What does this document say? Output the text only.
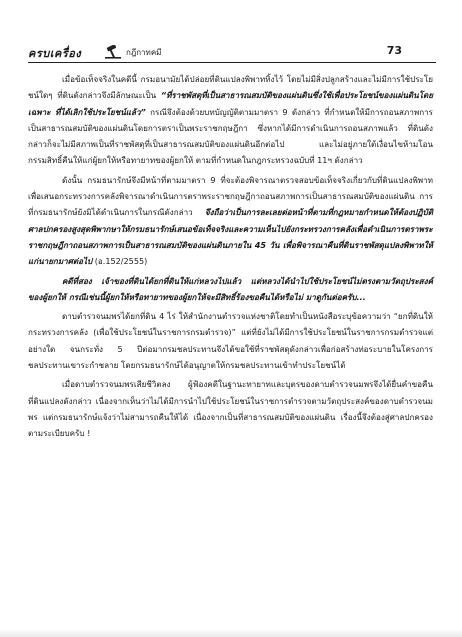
ครบเครื่อง	กฎีกาทคมี	73

เมื่อข้อเท็จจริงในคดีนี้ กรมอนามัยได้ปล่อยที่ดินแปลงพิพาททิ้งไว้ โดยไม่มีสิ่งปลูกสร้างและไม่มีการใช้ประโยชน์ใดๆ ที่ดินดังกล่าวจึงมีลักษณะเป็น “ที่ราชพัสดุที่เป็นสาธารณสมบัติของแผ่นดินซึ่งใช้เพื่อประโยชน์ของแผ่นดินโดยเฉพาะ ที่ได้เลิกใช้ประโยชน์แล้ว” กรณีจึงต้องด้วยบทบัญญัติตามมาตรา 9 ดังกล่าว ที่กำหนดให้มีการถอนสภาพการเป็นสาธารณสมบัติของแผ่นดินโดยการตราเป็นพระราชกฤษฎีกา ซึ่งหากได้มีการดำเนินการถอนสภาพแล้ว ที่ดินดังกล่าวก็จะไม่มีสภาพเป็นที่ราชพัสดุที่เป็นสาธารณสมบัติของแผ่นดินอีกต่อไป และไม่อยู่ภายใต้เงื่อนไขห้ามโอนกรรมสิทธิ์คืนให้แก่ผู้ยกให้หรือทายาทของผู้ยกให้ ตามที่กำหนดในกฎกระทรวงฉบับที่ 11ฯ ดังกล่าว

ดังนั้น กรมธนารักษ์จึงมีหน้าที่ตามมาตรา 9 ที่จะต้องพิจารณาตรวจสอบข้อเท็จจริงเกี่ยวกับที่ดินแปลงพิพาท เพื่อเสนอกระทรวงการคลังพิจารณาดำเนินการตราพระราชกฤษฎีกาถอนสภาพการเป็นสาธารณสมบัติของแผ่นดิน การที่กรมธนารักษ์ยังมิได้ดำเนินการในกรณีดังกล่าว จึงถือว่าเป็นการละเลยต่อหน้าที่ตามที่กฎหมายกำหนดให้ต้องปฏิบัติ ศาลปกครองสูงสุดพิพากษาให้กรมธนารักษ์เสนอข้อเท็จจริงและความเห็นไปยังกระทรวงการคลังเพื่อดำเนินการตราพระราชกฤษฎีกาถอนสภาพการเป็นสาธารณสมบัติของแผ่นดินภายใน 45 วัน เพื่อพิจารณาคืนที่ดินราชพัสดุแปลงพิพาทให้แก่นายกมาศต่อไป (อ.152/2555)

คดีที่สอง เจ้าของที่ดินได้ยกที่ดินให้แก่หลวงไปแล้ว แต่หลวงได้นำไปใช้ประโยชน์ไม่ตรงตามวัตถุประสงค์ของผู้ยกให้ กรณีเช่นนี้ผู้ยกให้หรือทายาทของผู้ยกให้จะมีสิทธิ์ร้องขอคืนได้หรือไม่ มาดูกันต่อครับ...

ดาบตำรวจนมพรได้ยกที่ดิน 4 ไร่ ให้สำนักงานตำรวจแห่งชาติโดยทำเป็นหนังสือระบุข้อความว่า “ยกที่ดินให้กระทรวงการคลัง (เพื่อใช้ประโยชน์ในราชการกรมตำรวจ)” แต่ที่ยังไม่ได้มีการใช้ประโยชน์ในราชการกรมตำรวจแต่อย่างใด จนกระทั่ง 5 ปีต่อมากรมชลประทานจึงได้ขอใช้ที่ราชพัสดุดังกล่าวเพื่อก่อสร้างท่อระบายในโครงการชลประทานเขาระกำชลาย โดยกรมธนารักษ์ได้อนุญาตให้กรมชลประทานเข้าทำประโยชน์ได้

เมื่อดาบตำรวจนมพรเสียชีวิตลง ผู้ฟ้องคดีในฐานะทายาทและบุตรของดาบตำรวจนมพรจึงได้ยื่นคำขอคืนที่ดินแปลงดังกล่าว เนื่องจากเห็นว่าไม่ได้มีการนำไปใช้ประโยชน์ในราชการตำรวจตามวัตถุประสงค์ของดาบตำรวจนมพร แต่กรมธนารักษ์แจ้งว่าไม่สามารถคืนให้ได้ เนื่องจากเป็นที่สาธารณสมบัติของแผ่นดิน เรื่องนี้จึงต้องสู่ศาลปกครองตามระเบียบครับ !
